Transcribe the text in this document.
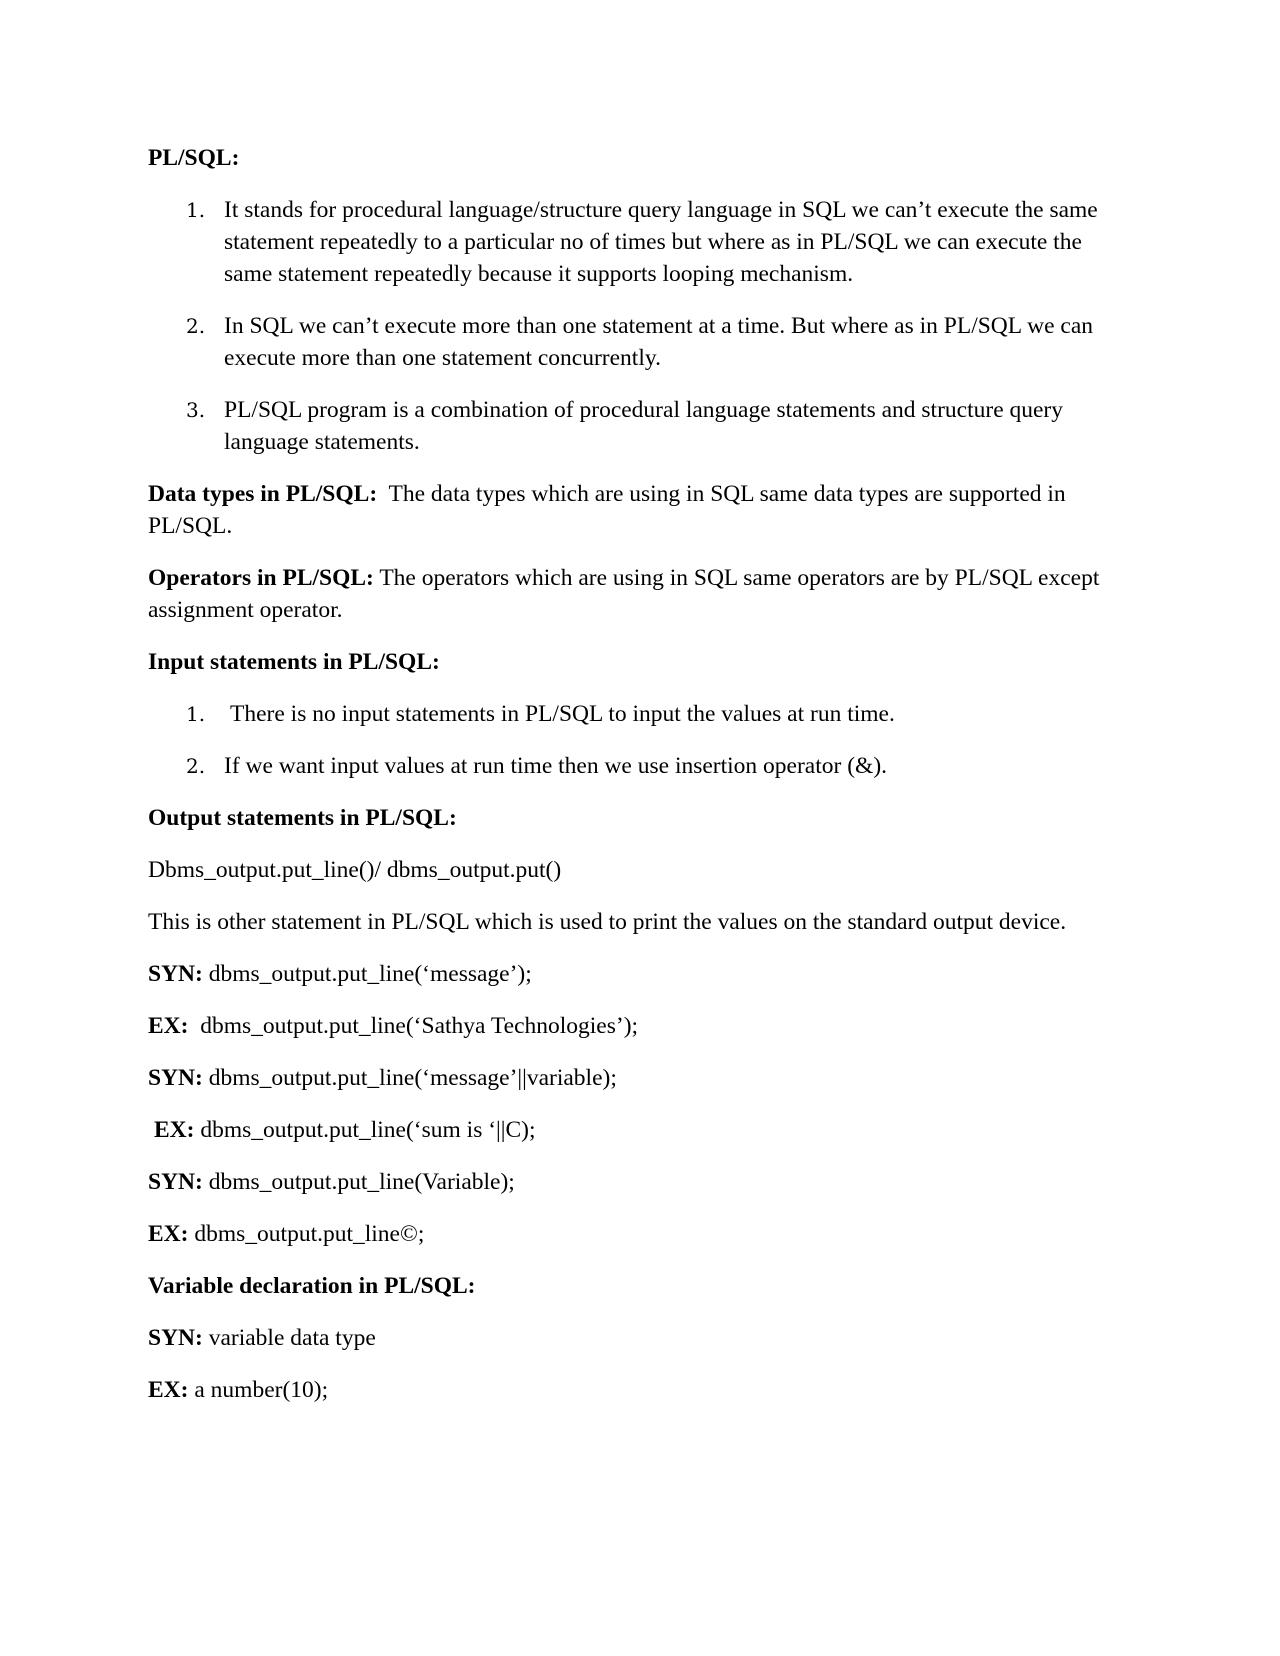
PL/SQL:
1. It stands for procedural language/structure query language in SQL we can’t execute the same statement repeatedly to a particular no of times but where as in PL/SQL we can execute the same statement repeatedly because it supports looping mechanism.
2. In SQL we can’t execute more than one statement at a time. But where as in PL/SQL we can execute more than one statement concurrently.
3. PL/SQL program is a combination of procedural language statements and structure query language statements.
Data types in PL/SQL: The data types which are using in SQL same data types are supported in PL/SQL.
Operators in PL/SQL: The operators which are using in SQL same operators are by PL/SQL except assignment operator.
Input statements in PL/SQL:
1. There is no input statements in PL/SQL to input the values at run time.
2. If we want input values at run time then we use insertion operator (&).
Output statements in PL/SQL:
Dbms_output.put_line()/ dbms_output.put()
This is other statement in PL/SQL which is used to print the values on the standard output device.
SYN: dbms_output.put_line(‘message’);
EX: dbms_output.put_line(‘Sathya Technologies’);
SYN: dbms_output.put_line(‘message’||variable);
EX: dbms_output.put_line(‘sum is ‘||C);
SYN: dbms_output.put_line(Variable);
EX: dbms_output.put_line©;
Variable declaration in PL/SQL:
SYN: variable data type
EX: a number(10);
